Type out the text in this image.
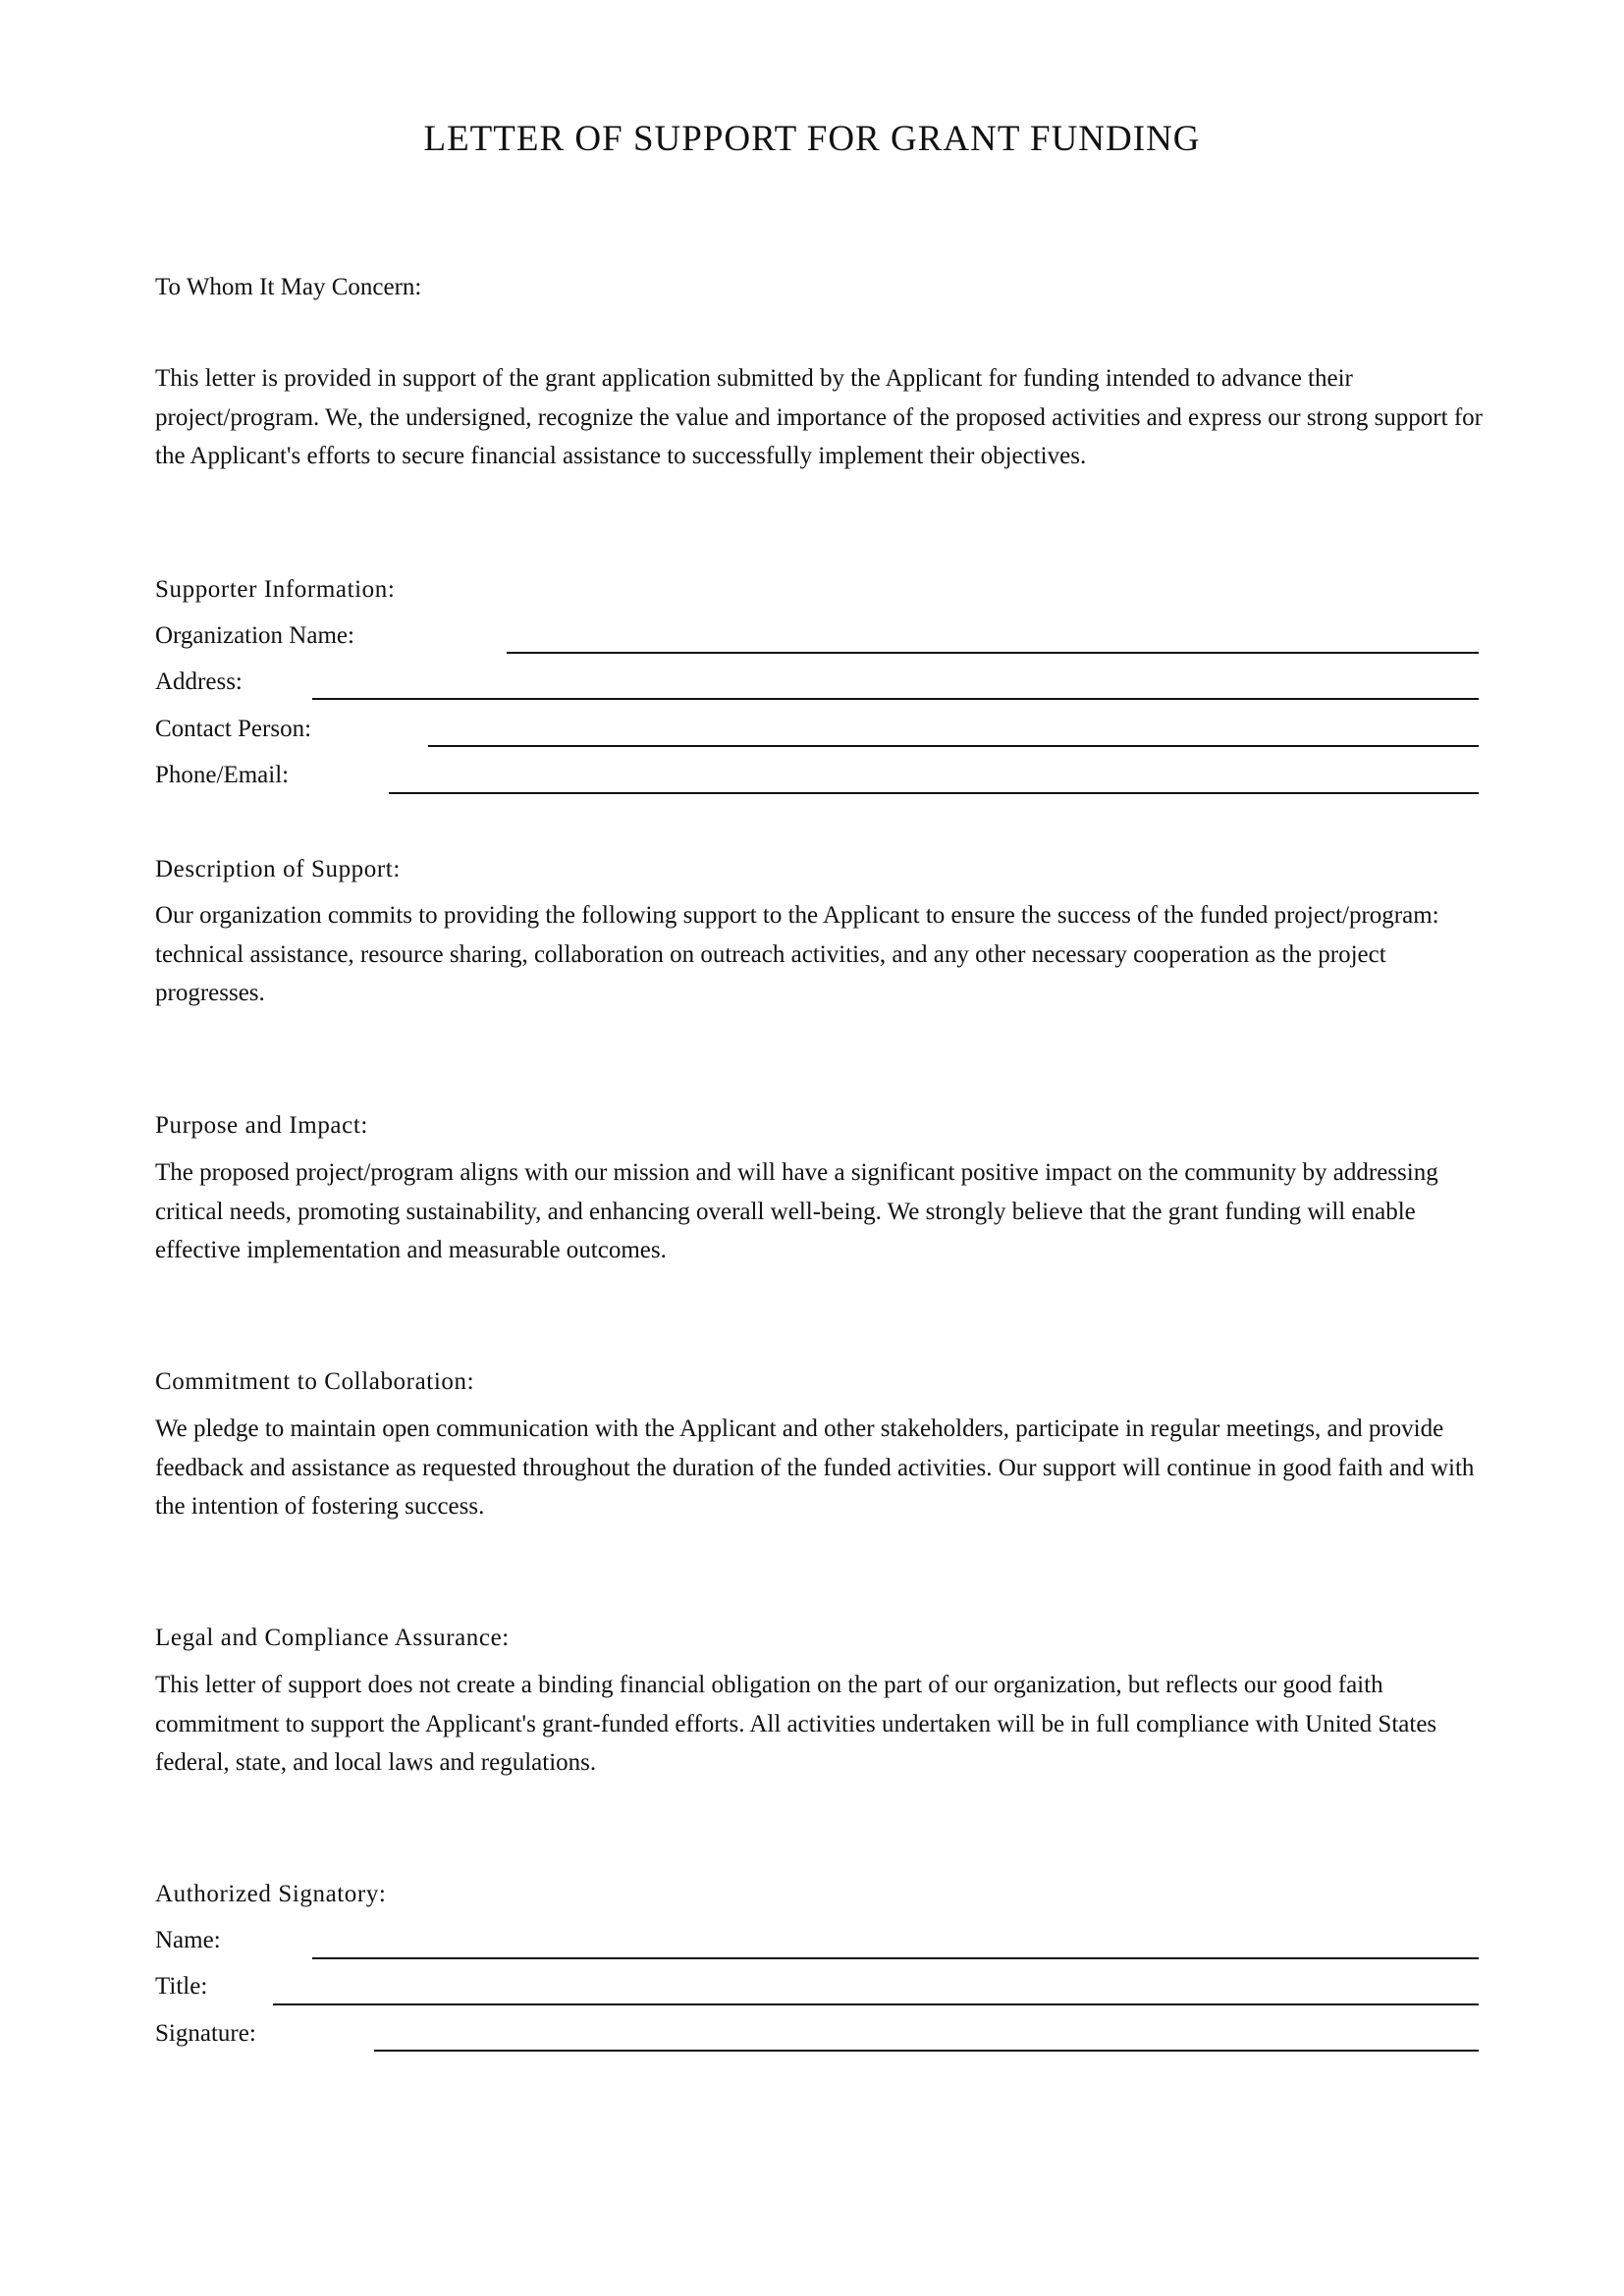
LETTER OF SUPPORT FOR GRANT FUNDING
To Whom It May Concern:
This letter is provided in support of the grant application submitted by the Applicant for funding intended to advance their project/program. We, the undersigned, recognize the value and importance of the proposed activities and express our strong support for the Applicant's efforts to secure financial assistance to successfully implement their objectives.
Supporter Information:
Organization Name:
Address:
Contact Person:
Phone/Email:
Description of Support:
Our organization commits to providing the following support to the Applicant to ensure the success of the funded project/program: technical assistance, resource sharing, collaboration on outreach activities, and any other necessary cooperation as the project progresses.
Purpose and Impact:
The proposed project/program aligns with our mission and will have a significant positive impact on the community by addressing critical needs, promoting sustainability, and enhancing overall well-being. We strongly believe that the grant funding will enable effective implementation and measurable outcomes.
Commitment to Collaboration:
We pledge to maintain open communication with the Applicant and other stakeholders, participate in regular meetings, and provide feedback and assistance as requested throughout the duration of the funded activities. Our support will continue in good faith and with the intention of fostering success.
Legal and Compliance Assurance:
This letter of support does not create a binding financial obligation on the part of our organization, but reflects our good faith commitment to support the Applicant's grant-funded efforts. All activities undertaken will be in full compliance with United States federal, state, and local laws and regulations.
Authorized Signatory:
Name:
Title:
Signature:
